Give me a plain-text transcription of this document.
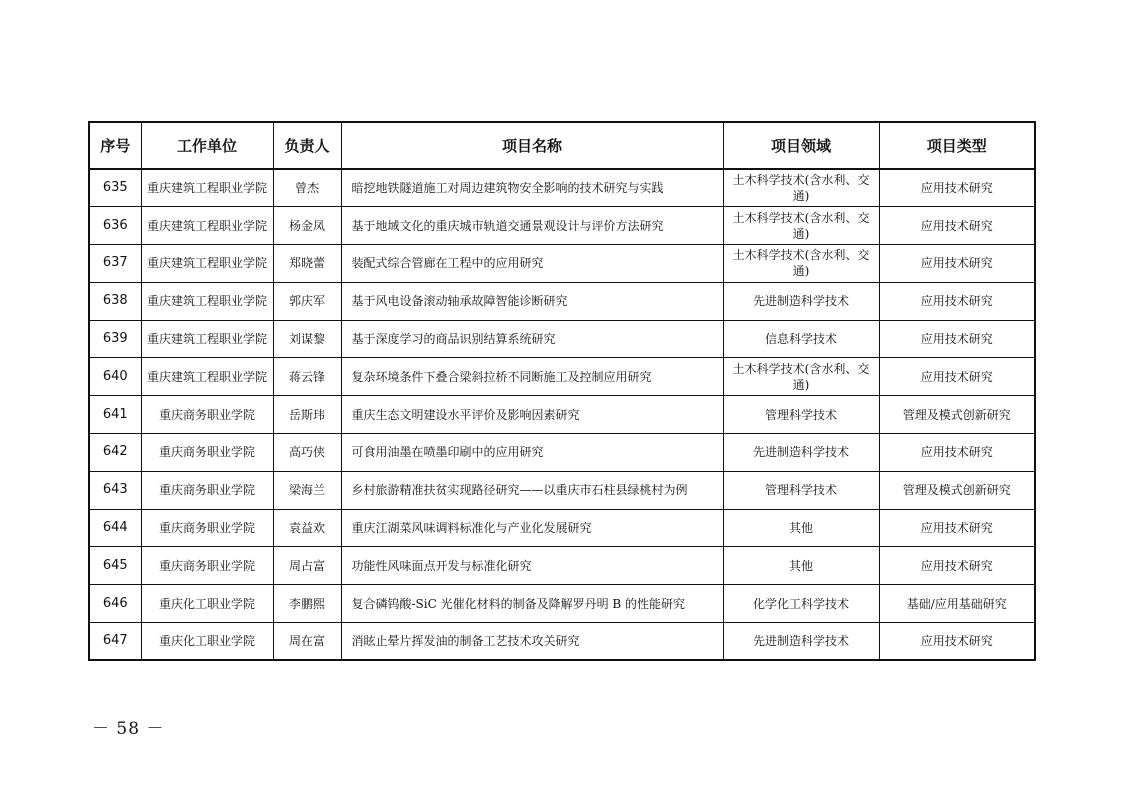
序号	工作单位	负责人	项目名称	项目领域	项目类型
635	重庆建筑工程职业学院	曾杰	暗挖地铁隧道施工对周边建筑物安全影响的技术研究与实践	土木科学技术(含水利、交通)	应用技术研究
636	重庆建筑工程职业学院	杨金凤	基于地域文化的重庆城市轨道交通景观设计与评价方法研究	土木科学技术(含水利、交通)	应用技术研究
637	重庆建筑工程职业学院	郑晓蕾	装配式综合管廊在工程中的应用研究	土木科学技术(含水利、交通)	应用技术研究
638	重庆建筑工程职业学院	郭庆军	基于风电设备滚动轴承故障智能诊断研究	先进制造科学技术	应用技术研究
639	重庆建筑工程职业学院	刘谋黎	基于深度学习的商品识别结算系统研究	信息科学技术	应用技术研究
640	重庆建筑工程职业学院	蒋云锋	复杂环境条件下叠合梁斜拉桥不同断施工及控制应用研究	土木科学技术(含水利、交通)	应用技术研究
641	重庆商务职业学院	岳斯玮	重庆生态文明建设水平评价及影响因素研究	管理科学技术	管理及模式创新研究
642	重庆商务职业学院	高巧侠	可食用油墨在喷墨印刷中的应用研究	先进制造科学技术	应用技术研究
643	重庆商务职业学院	梁海兰	乡村旅游精准扶贫实现路径研究——以重庆市石柱县绿桃村为例	管理科学技术	管理及模式创新研究
644	重庆商务职业学院	袁益欢	重庆江湖菜风味调料标准化与产业化发展研究	其他	应用技术研究
645	重庆商务职业学院	周占富	功能性风味面点开发与标准化研究	其他	应用技术研究
646	重庆化工职业学院	李鹏熙	复合磷钨酸-SiC 光催化材料的制备及降解罗丹明 B 的性能研究	化学化工科学技术	基础/应用基础研究
647	重庆化工职业学院	周在富	消眩止晕片挥发油的制备工艺技术攻关研究	先进制造科学技术	应用技术研究
－ 58 －
